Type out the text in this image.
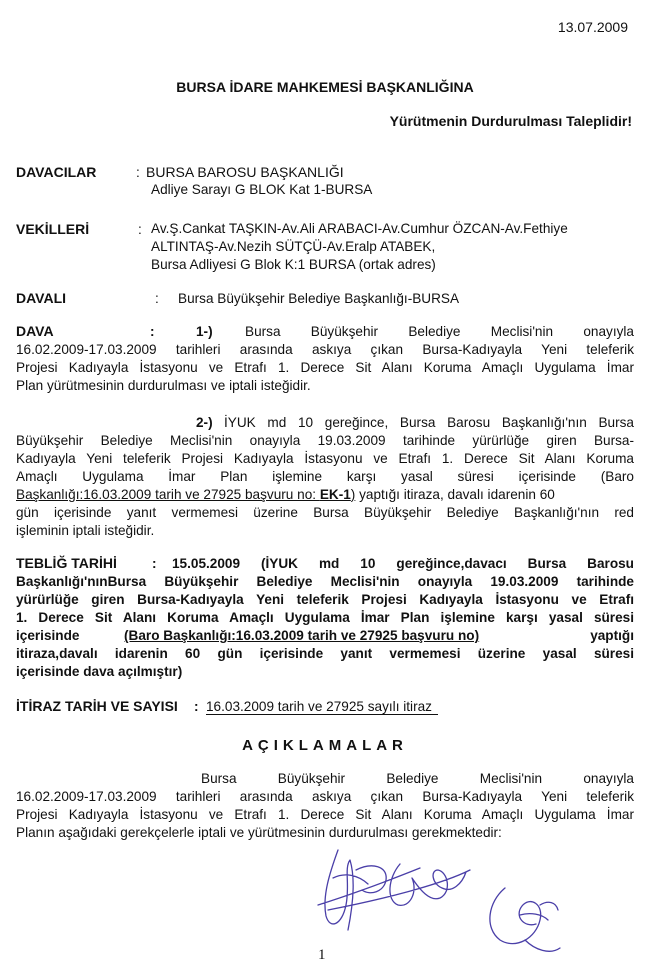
13.07.2009
BURSA İDARE MAHKEMESİ BAŞKANLIĞINA
Yürütmenin Durdurulması Taleplidir!
DAVACILAR	: BURSA BAROSU BAŞKANLIĞI
Adliye Sarayı G BLOK Kat 1-BURSA
VEKİLLERİ	: Av.Ş.Cankat TAŞKIN-Av.Ali ARABACI-Av.Cumhur ÖZCAN-Av.Fethiye
ALTINTAŞ-Av.Nezih SÜTÇÜ-Av.Eralp ATABEK,
Bursa Adliyesi G Blok K:1 BURSA (ortak adres)
DAVALI	: Bursa Büyükşehir Belediye Başkanlığı-BURSA
DAVA	:	1-) Bursa Büyükşehir Belediye Meclisi'nin onayıyla
16.02.2009-17.03.2009 tarihleri arasında askıya çıkan Bursa-Kadıyayla Yeni teleferik
Projesi Kadıyayla İstasyonu ve Etrafı 1. Derece Sit Alanı Koruma Amaçlı Uygulama İmar
Plan yürütmesinin durdurulması ve iptali isteğidir.
2-) İYUK md 10 gereğince, Bursa Barosu Başkanlığı'nın Bursa
Büyükşehir Belediye Meclisi'nin onayıyla 19.03.2009 tarihinde yürürlüğe giren Bursa-
Kadıyayla Yeni teleferik Projesi Kadıyayla İstasyonu ve Etrafı 1. Derece Sit Alanı Koruma
Amaçlı Uygulama İmar Plan işlemine karşı yasal süresi içerisinde (Baro
Başkanlığı:16.03.2009 tarih ve 27925 başvuru no: EK-1) yaptığı itiraza, davalı idarenin 60
gün içerisinde yanıt vermemesi üzerine Bursa Büyükşehir Belediye Başkanlığı'nın red
işleminin iptali isteğidir.
TEBLİĞ TARİHİ	: 15.05.2009 (İYUK md 10 gereğince,davacı Bursa Barosu
Başkanlığı'nınBursa Büyükşehir Belediye Meclisi'nin onayıyla 19.03.2009 tarihinde
yürürlüğe giren Bursa-Kadıyayla Yeni teleferik Projesi Kadıyayla İstasyonu ve Etrafı
1. Derece Sit Alanı Koruma Amaçlı Uygulama İmar Plan işlemine karşı yasal süresi
içerisinde	(Baro Başkanlığı:16.03.2009 tarih ve 27925 başvuru no)	yaptığı
itiraza,davalı idarenin 60 gün içerisinde yanıt vermemesi üzerine yasal süresi
içerisinde dava açılmıştır)
İTİRAZ TARİH VE SAYISI : 16.03.2009 tarih ve 27925 sayılı itiraz
AÇIKLAMALAR
Bursa Büyükşehir Belediye Meclisi'nin onayıyla
16.02.2009-17.03.2009 tarihleri arasında askıya çıkan Bursa-Kadıyayla Yeni teleferik
Projesi Kadıyayla İstasyonu ve Etrafı 1. Derece Sit Alanı Koruma Amaçlı Uygulama İmar
Planın aşağıdaki gerekçelerle iptali ve yürütmesinin durdurulması gerekmektedir:
1
